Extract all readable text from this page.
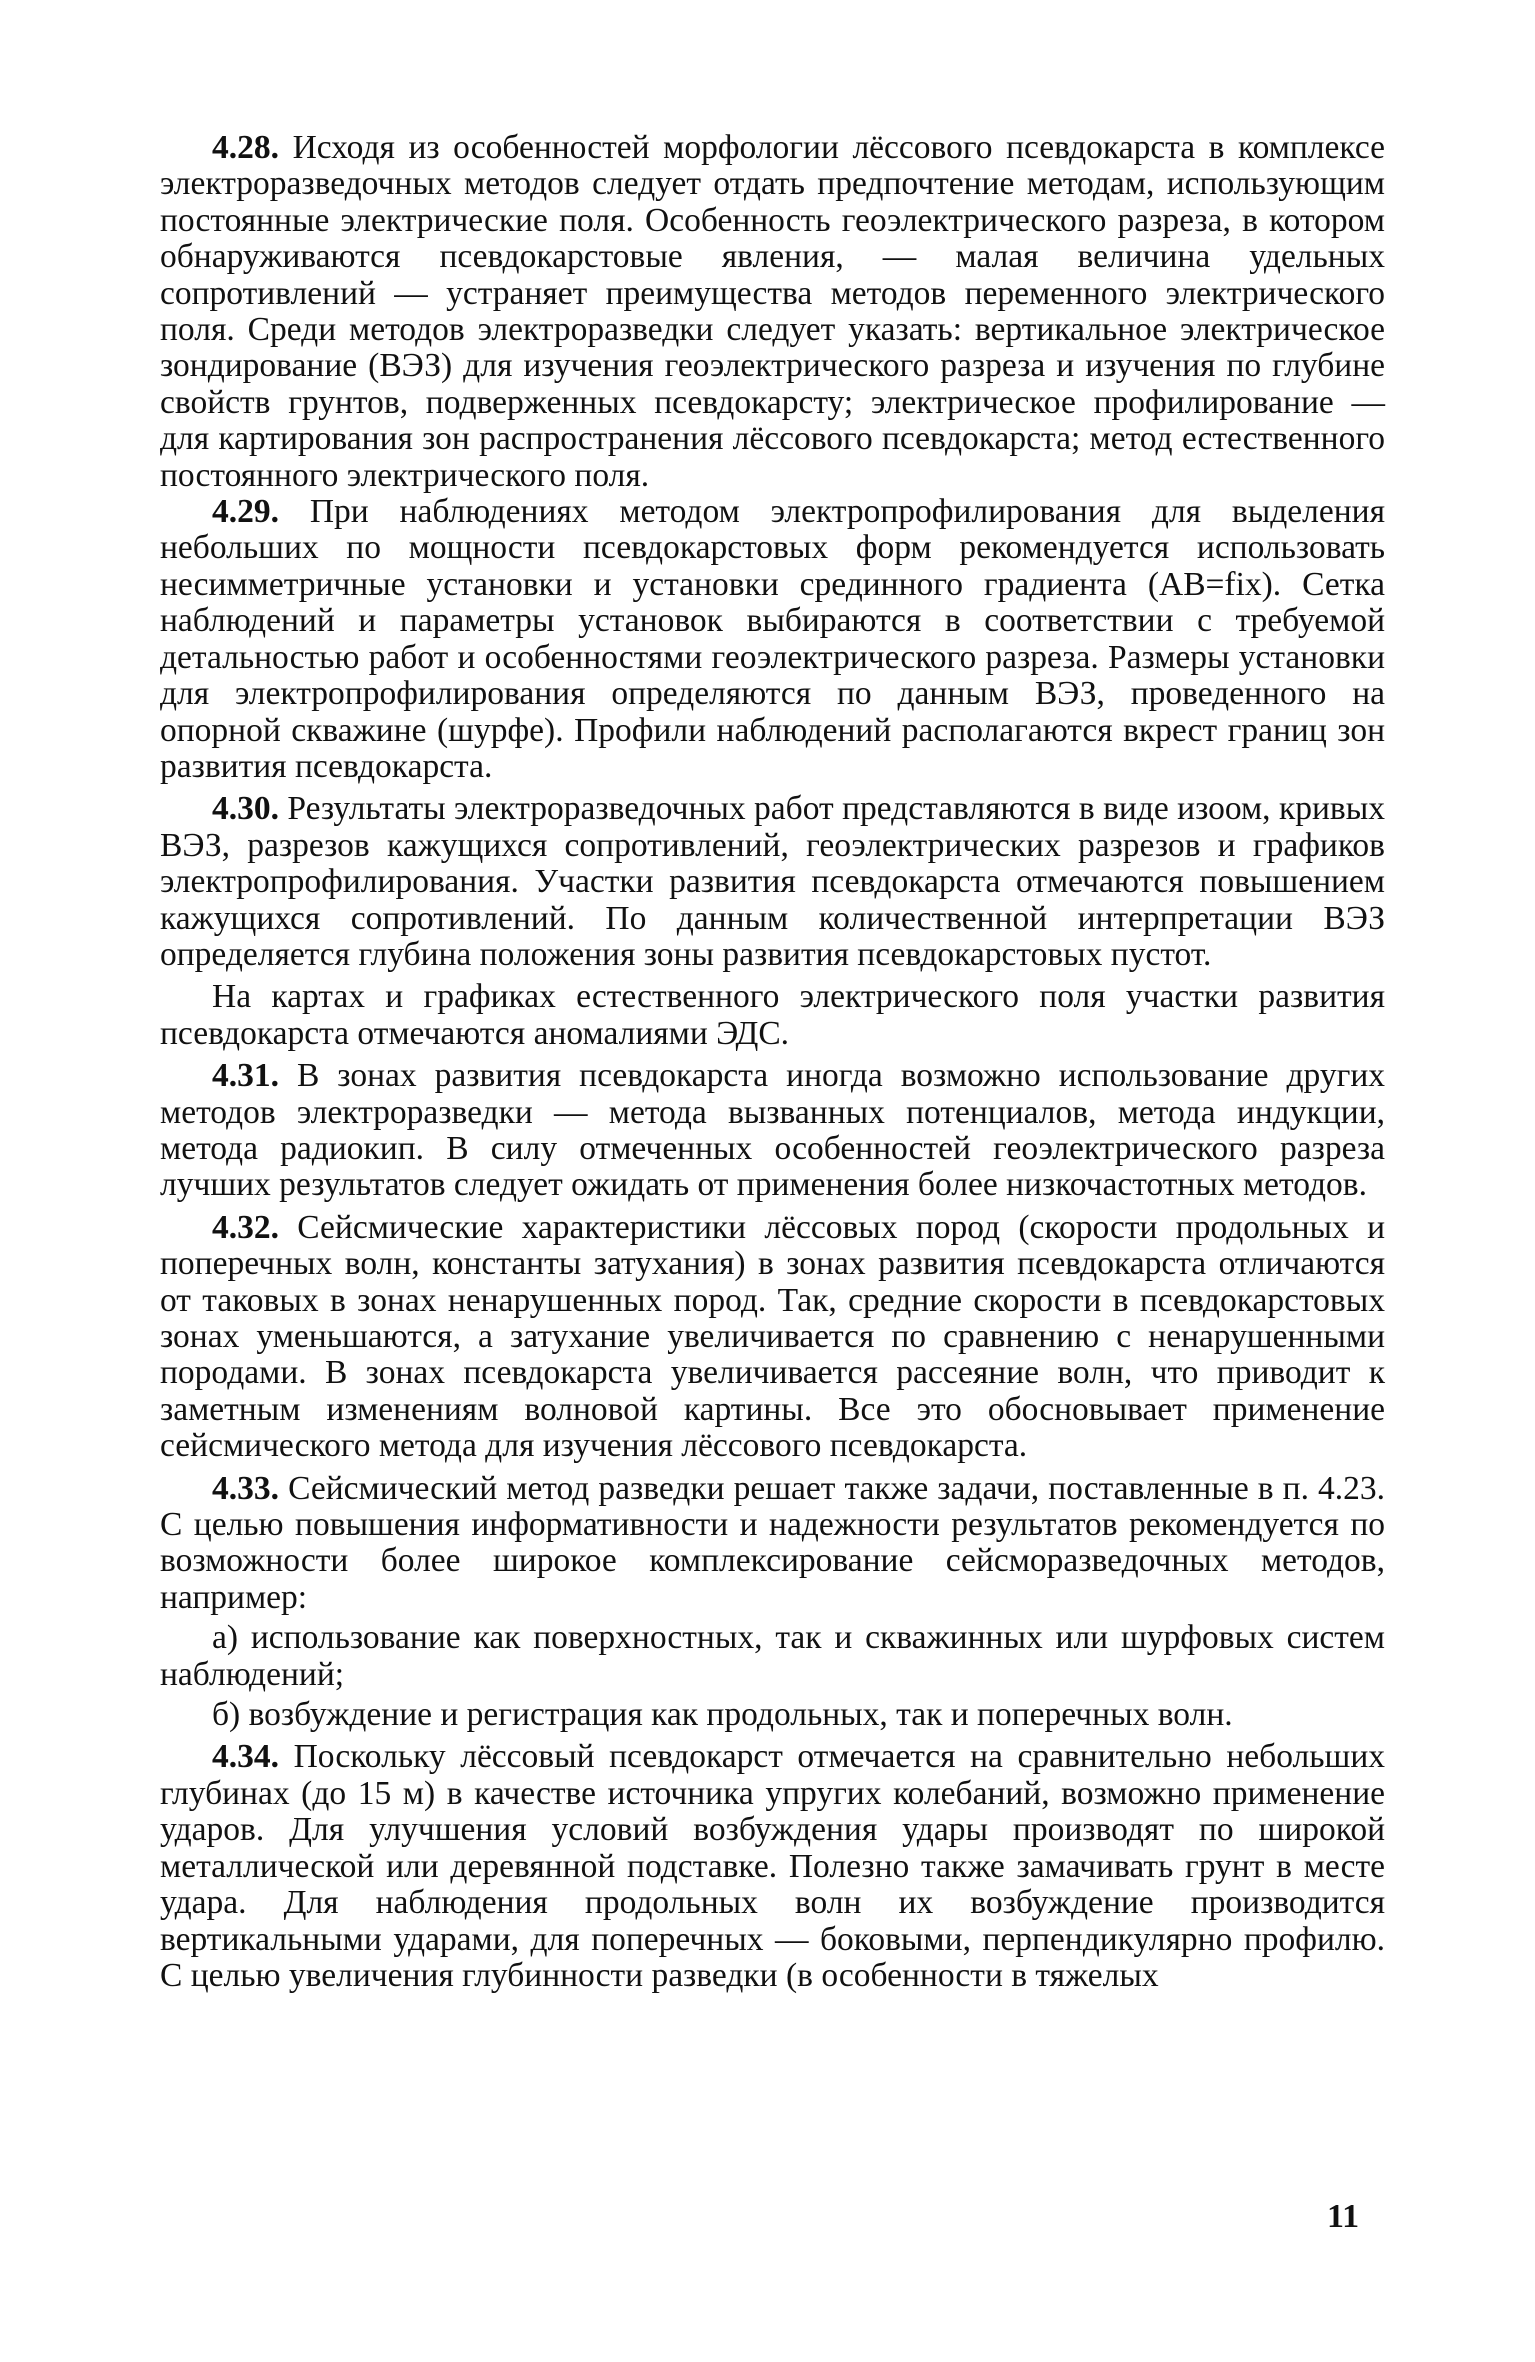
4.28. Исходя из особенностей морфологии лёссового псевдокарста в комплексе электроразведочных методов следует отдать предпочтение методам, использующим постоянные электрические поля. Особенность геоэлектрического разреза, в котором обнаруживаются псевдокарстовые явления, — малая величина удельных сопротивлений — устраняет преимущества методов переменного электрического поля. Среди методов электроразведки следует указать: вертикальное электрическое зондирование (ВЭЗ) для изучения геоэлектрического разреза и изучения по глубине свойств грунтов, подверженных псевдокарсту; электрическое профилирование — для картирования зон распространения лёссового псевдокарста; метод естественного постоянного электрического поля.

4.29. При наблюдениях методом электропрофилирования для выделения небольших по мощности псевдокарстовых форм рекомендуется использовать несимметричные установки и установки срединного градиента (AB=fix). Сетка наблюдений и параметры установок выбираются в соответствии с требуемой детальностью работ и особенностями геоэлектрического разреза. Размеры установки для электропрофилирования определяются по данным ВЭЗ, проведенного на опорной скважине (шурфе). Профили наблюдений располагаются вкрест границ зон развития псевдокарста.

4.30. Результаты электроразведочных работ представляются в виде изоом, кривых ВЭЗ, разрезов кажущихся сопротивлений, геоэлектрических разрезов и графиков электропрофилирования. Участки развития псевдокарста отмечаются повышением кажущихся сопротивлений. По данным количественной интерпретации ВЭЗ определяется глубина положения зоны развития псевдокарстовых пустот.

На картах и графиках естественного электрического поля участки развития псевдокарста отмечаются аномалиями ЭДС.

4.31. В зонах развития псевдокарста иногда возможно использование других методов электроразведки — метода вызванных потенциалов, метода индукции, метода радиокип. В силу отмеченных особенностей геоэлектрического разреза лучших результатов следует ожидать от применения более низкочастотных методов.

4.32. Сейсмические характеристики лёссовых пород (скорости продольных и поперечных волн, константы затухания) в зонах развития псевдокарста отличаются от таковых в зонах ненарушенных пород. Так, средние скорости в псевдокарстовых зонах уменьшаются, а затухание увеличивается по сравнению с ненарушенными породами. В зонах псевдокарста увеличивается рассеяние волн, что приводит к заметным изменениям волновой картины. Все это обосновывает применение сейсмического метода для изучения лёссового псевдокарста.

4.33. Сейсмический метод разведки решает также задачи, поставленные в п. 4.23. С целью повышения информативности и надежности результатов рекомендуется по возможности более широкое комплексирование сейсморазведочных методов, например:

а) использование как поверхностных, так и скважинных или шурфовых систем наблюдений;

б) возбуждение и регистрация как продольных, так и поперечных волн.

4.34. Поскольку лёссовый псевдокарст отмечается на сравнительно небольших глубинах (до 15 м) в качестве источника упругих колебаний, возможно применение ударов. Для улучшения условий возбуждения удары производят по широкой металлической или деревянной подставке. Полезно также замачивать грунт в месте удара. Для наблюдения продольных волн их возбуждение производится вертикальными ударами, для поперечных — боковыми, перпендикулярно профилю. С целью увеличения глубинности разведки (в особенности в тяжелых

11
